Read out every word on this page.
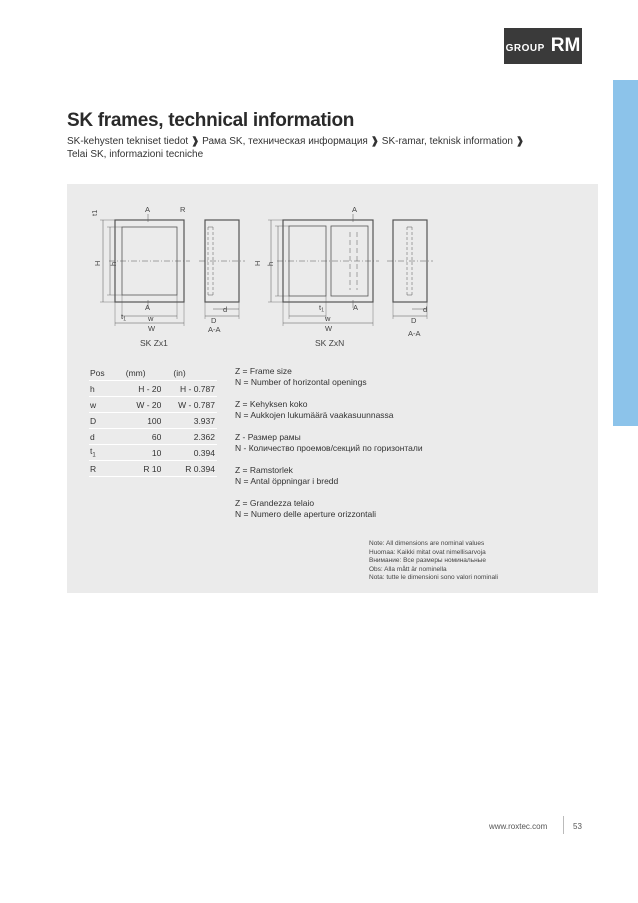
GROUP RM
SK frames, technical information
SK-kehysten tekniset tiedot ❱ Рама SK, техническая информация ❱ SK-ramar, teknisk information ❱
Telai SK, informazioni tecniche
A	R
A
t1
H h
$t_1$	w
W
d
D
A-A
SK Zx1
A
A
$t_1$
H h
w
W
d
D
A-A
SK ZxN
Pos	(mm)	(in)
h	H - 20	H - 0.787
w	W - 20	W - 0.787
D	100	3.937
d	60	2.362
$t_1$	10	0.394
R	R 10	R 0.394
Z = Frame size
N = Number of horizontal openings
Z = Kehyksen koko
N = Aukkojen lukumäärä vaakasuunnassa
Z - Размер рамы
N - Количество проемов/секций по горизонтали
Z = Ramstorlek
N = Antal öppningar i bredd
Z = Grandezza telaio
N = Numero delle aperture orizzontali
Note: All dimensions are nominal values
Huomaa: Kaikki mitat ovat nimellisarvoja
Внимание: Все размеры номинальные
Obs: Alla mått är nominella
Nota: tutte le dimensioni sono valori nominali
www.roxtec.com	53
